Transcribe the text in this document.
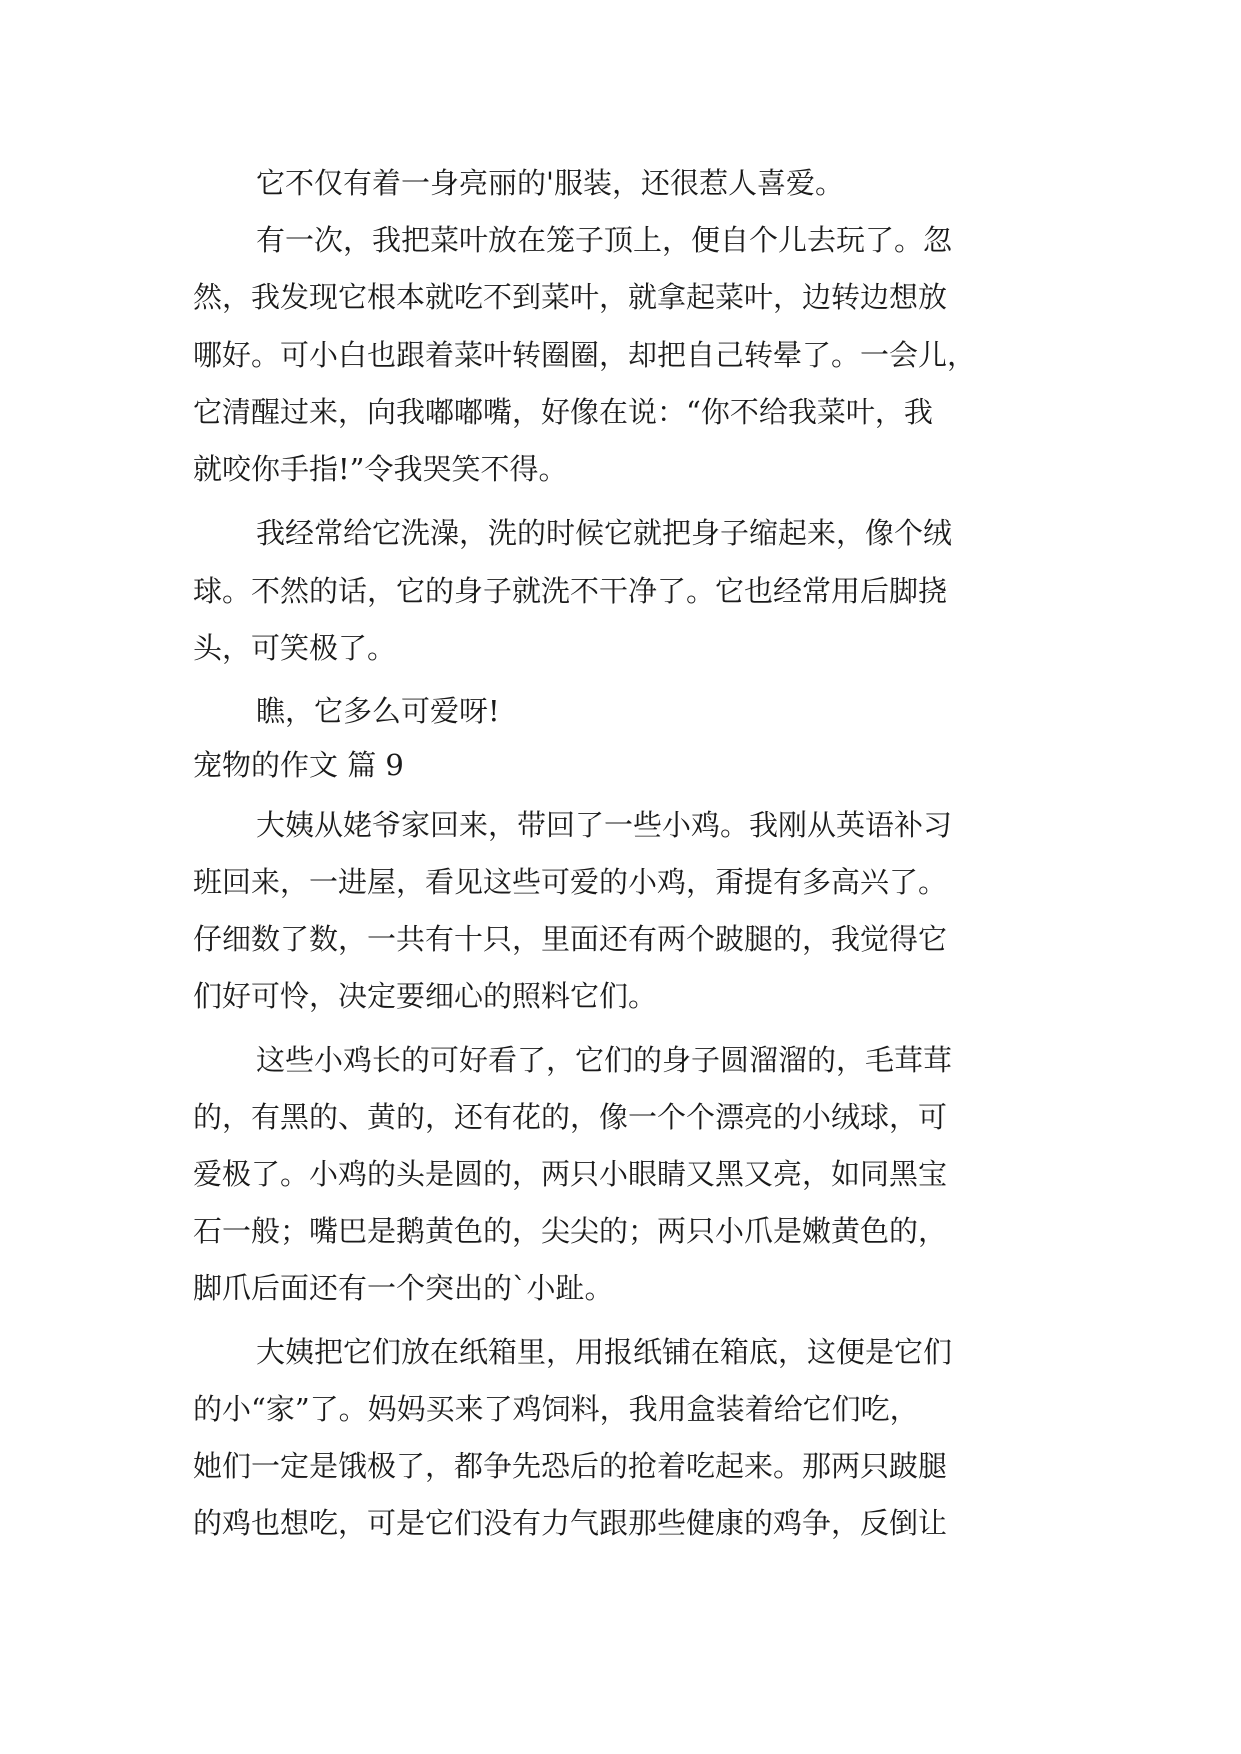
它不仅有着一身亮丽的'服装，还很惹人喜爱。
有一次，我把菜叶放在笼子顶上，便自个儿去玩了。忽
然，我发现它根本就吃不到菜叶，就拿起菜叶，边转边想放
哪好。可小白也跟着菜叶转圈圈，却把自己转晕了。一会儿，
它清醒过来，向我嘟嘟嘴，好像在说：“你不给我菜叶，我
就咬你手指!”令我哭笑不得。
我经常给它洗澡，洗的时候它就把身子缩起来，像个绒
球。不然的话，它的身子就洗不干净了。它也经常用后脚挠
头，可笑极了。
瞧，它多么可爱呀!
宠物的作文 篇 9
大姨从姥爷家回来，带回了一些小鸡。我刚从英语补习
班回来，一进屋，看见这些可爱的小鸡，甭提有多高兴了。
仔细数了数，一共有十只，里面还有两个跛腿的，我觉得它
们好可怜，决定要细心的照料它们。
这些小鸡长的可好看了，它们的身子圆溜溜的，毛茸茸
的，有黑的、黄的，还有花的，像一个个漂亮的小绒球，可
爱极了。小鸡的头是圆的，两只小眼睛又黑又亮，如同黑宝
石一般；嘴巴是鹅黄色的，尖尖的；两只小爪是嫩黄色的，
脚爪后面还有一个突出的`小趾。
大姨把它们放在纸箱里，用报纸铺在箱底，这便是它们
的小“家”了。妈妈买来了鸡饲料，我用盒装着给它们吃，
她们一定是饿极了，都争先恐后的抢着吃起来。那两只跛腿
的鸡也想吃，可是它们没有力气跟那些健康的鸡争，反倒让
